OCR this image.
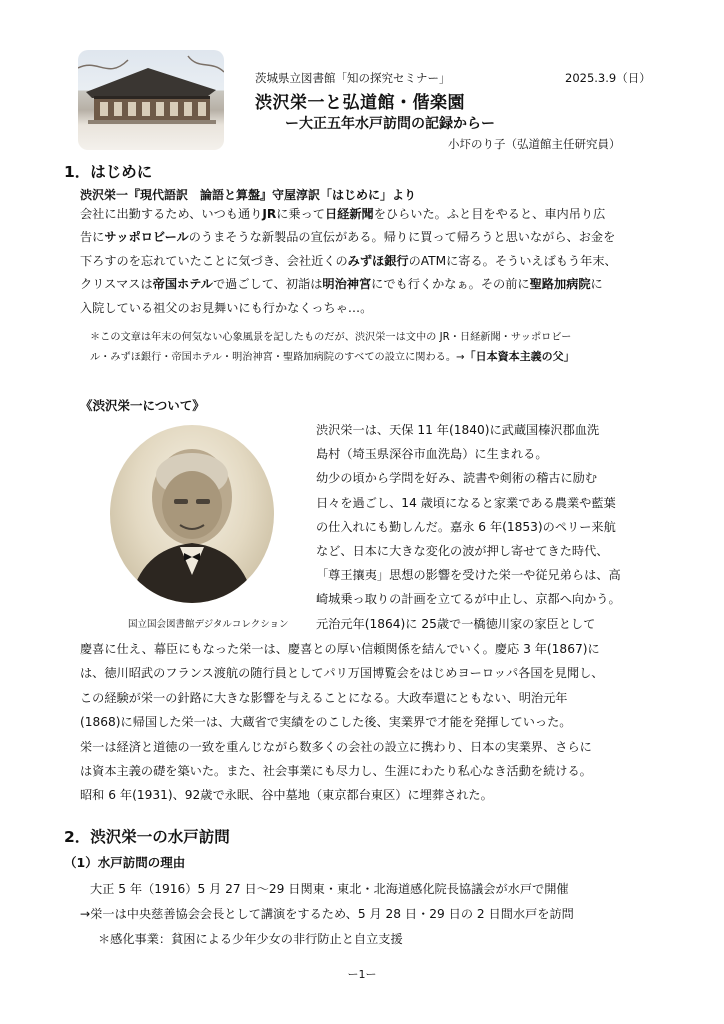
茨城県立図書館「知の探究セミナー」	2025.3.9（日）
渋沢栄一と弘道館・偕楽園
ー大正五年水戸訪問の記録からー
小圷のり子（弘道館主任研究員）
1．はじめに
渋沢栄一『現代語訳　論語と算盤』守屋淳訳「はじめに」より
会社に出勤するため、いつも通りJRに乗って日経新聞をひらいた。ふと目をやると、車内吊り広
告にサッポロビールのうまそうな新製品の宣伝がある。帰りに買って帰ろうと思いながら、お金を
下ろすのを忘れていたことに気づき、会社近くのみずほ銀行のATMに寄る。そういえばもう年末、
クリスマスは帝国ホテルで過ごして、初詣は明治神宮にでも行くかなぁ。その前に聖路加病院に
入院している祖父のお見舞いにも行かなくっちゃ…。
＊この文章は年末の何気ない心象風景を記したものだが、渋沢栄一は文中の JR・日経新聞・サッポロビー
ル・みずほ銀行・帝国ホテル・明治神宮・聖路加病院のすべての設立に関わる。→「日本資本主義の父」
《渋沢栄一について》
国立国会図書館デジタルコレクション
渋沢栄一は、天保 11 年(1840)に武蔵国榛沢郡血洗
島村（埼玉県深谷市血洗島）に生まれる。
幼少の頃から学問を好み、読書や剣術の稽古に励む
日々を過ごし、14 歳頃になると家業である農業や藍葉
の仕入れにも勤しんだ。嘉永 6 年(1853)のペリー来航
など、日本に大きな変化の波が押し寄せてきた時代、
「尊王攘夷」思想の影響を受けた栄一や従兄弟らは、高
崎城乗っ取りの計画を立てるが中止し、京都へ向かう。
元治元年(1864)に 25歳で一橋徳川家の家臣として
慶喜に仕え、幕臣にもなった栄一は、慶喜との厚い信頼関係を結んでいく。慶応 3 年(1867)に
は、徳川昭武のフランス渡航の随行員としてパリ万国博覧会をはじめヨーロッパ各国を見聞し、
この経験が栄一の針路に大きな影響を与えることになる。大政奉還にともない、明治元年
(1868)に帰国した栄一は、大蔵省で実績をのこした後、実業界で才能を発揮していった。
栄一は経済と道徳の一致を重んじながら数多くの会社の設立に携わり、日本の実業界、さらに
は資本主義の礎を築いた。また、社会事業にも尽力し、生涯にわたり私心なき活動を続ける。
昭和 6 年(1931)、92歳で永眠、谷中墓地（東京都台東区）に埋葬された。
2．渋沢栄一の水戸訪問
（1）水戸訪問の理由
大正 5 年（1916）5 月 27 日～29 日関東・東北・北海道感化院長協議会が水戸で開催
→栄一は中央慈善協会会長として講演をするため、5 月 28 日・29 日の 2 日間水戸を訪問
＊感化事業：貧困による少年少女の非行防止と自立支援
ー1ー
